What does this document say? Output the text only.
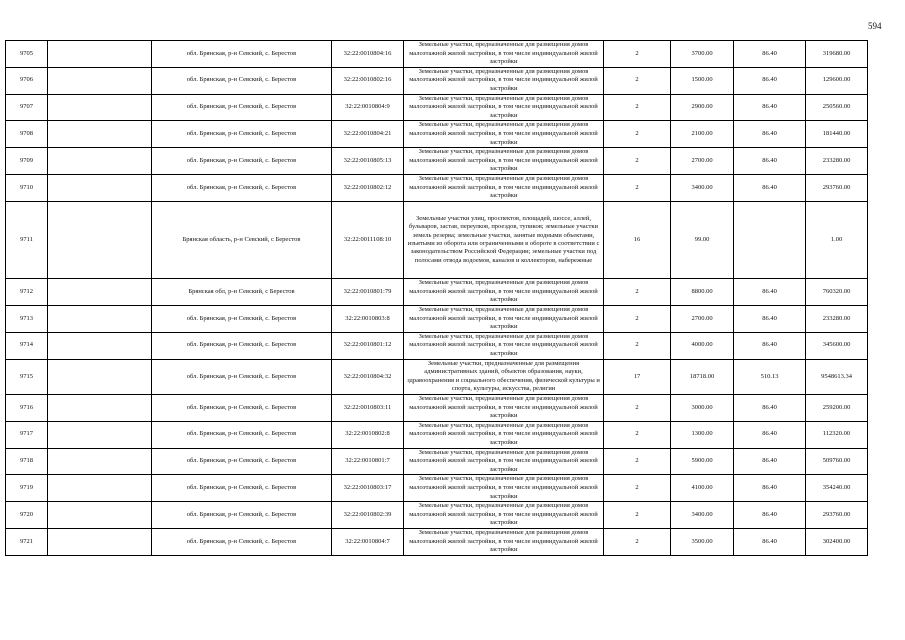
594
9705		обл. Брянская, р-н Севский, с. Берестов	32:22:0010804:16	Земельные участки, предназначенные для размещения домов малоэтажной жилой застройки, в том числе индивидуальной жилой застройки	2	3700.00	86.40	319680.00
9706		обл. Брянская, р-н Севский, с. Берестов	32:22:0010802:16	Земельные участки, предназначенные для размещения домов малоэтажной жилой застройки, в том числе индивидуальной жилой застройки	2	1500.00	86.40	129600.00
9707		обл. Брянская, р-н Севский, с. Берестов	32:22:0010804:9	Земельные участки, предназначенные для размещения домов малоэтажной жилой застройки, в том числе индивидуальной жилой застройки	2	2900.00	86.40	250560.00
9708		обл. Брянская, р-н Севский, с. Берестов	32:22:0010804:21	Земельные участки, предназначенные для размещения домов малоэтажной жилой застройки, в том числе индивидуальной жилой застройки	2	2100.00	86.40	181440.00
9709		обл. Брянская, р-н Севский, с. Берестов	32:22:0010805:13	Земельные участки, предназначенные для размещения домов малоэтажной жилой застройки, в том числе индивидуальной жилой застройки	2	2700.00	86.40	233280.00
9710		обл. Брянская, р-н Севский, с. Берестов	32:22:0010802:12	Земельные участки, предназначенные для размещения домов малоэтажной жилой застройки, в том числе индивидуальной жилой застройки	2	3400.00	86.40	293760.00
9711		Брянская область, р-н Севский, с Берестов	32:22:0011108:10	Земельные участки улиц, проспектов, площадей, шоссе, аллей, бульваров, застав, переулков, проездов, тупиков; земельные участки земель резерва; земельные участки, занятые водными объектами, изъятыми из оборота или ограниченными в обороте в соответствии с законодательством Российской Федерации; земельные участки под полосами отвода водоемов, каналов и коллекторов, набережные	16	99.00		1.00
9712		Брянская обл, р-н Севский, с Берестов	32:22:0010801:79	Земельные участки, предназначенные для размещения домов малоэтажной жилой застройки, в том числе индивидуальной жилой застройки	2	8800.00	86.40	760320.00
9713		обл. Брянская, р-н Севский, с. Берестов	32:22:0010803:8	Земельные участки, предназначенные для размещения домов малоэтажной жилой застройки, в том числе индивидуальной жилой застройки	2	2700.00	86.40	233280.00
9714		обл. Брянская, р-н Севский, с. Берестов	32:22:0010801:12	Земельные участки, предназначенные для размещения домов малоэтажной жилой застройки, в том числе индивидуальной жилой застройки	2	4000.00	86.40	345600.00
9715		обл. Брянская, р-н Севский, с. Берестов	32:22:0010804:32	Земельные участки, предназначенные для размещения административных зданий, объектов образования, науки, здравоохранения и социального обеспечения, физической культуры и спорта, культуры, искусства, религии	17	18718.00	510.13	9548613.34
9716		обл. Брянская, р-н Севский, с. Берестов	32:22:0010803:11	Земельные участки, предназначенные для размещения домов малоэтажной жилой застройки, в том числе индивидуальной жилой застройки	2	3000.00	86.40	259200.00
9717		обл. Брянская, р-н Севский, с. Берестов	32:22:0010802:8	Земельные участки, предназначенные для размещения домов малоэтажной жилой застройки, в том числе индивидуальной жилой застройки	2	1300.00	86.40	112320.00
9718		обл. Брянская, р-н Севский, с. Берестов	32:22:0010801:7	Земельные участки, предназначенные для размещения домов малоэтажной жилой застройки, в том числе индивидуальной жилой застройки	2	5900.00	86.40	509760.00
9719		обл. Брянская, р-н Севский, с. Берестов	32:22:0010803:17	Земельные участки, предназначенные для размещения домов малоэтажной жилой застройки, в том числе индивидуальной жилой застройки	2	4100.00	86.40	354240.00
9720		обл. Брянская, р-н Севский, с. Берестов	32:22:0010802:39	Земельные участки, предназначенные для размещения домов малоэтажной жилой застройки, в том числе индивидуальной жилой застройки	2	3400.00	86.40	293760.00
9721		обл. Брянская, р-н Севский, с. Берестов	32:22:0010804:7	Земельные участки, предназначенные для размещения домов малоэтажной жилой застройки, в том числе индивидуальной жилой застройки	2	3500.00	86.40	302400.00
